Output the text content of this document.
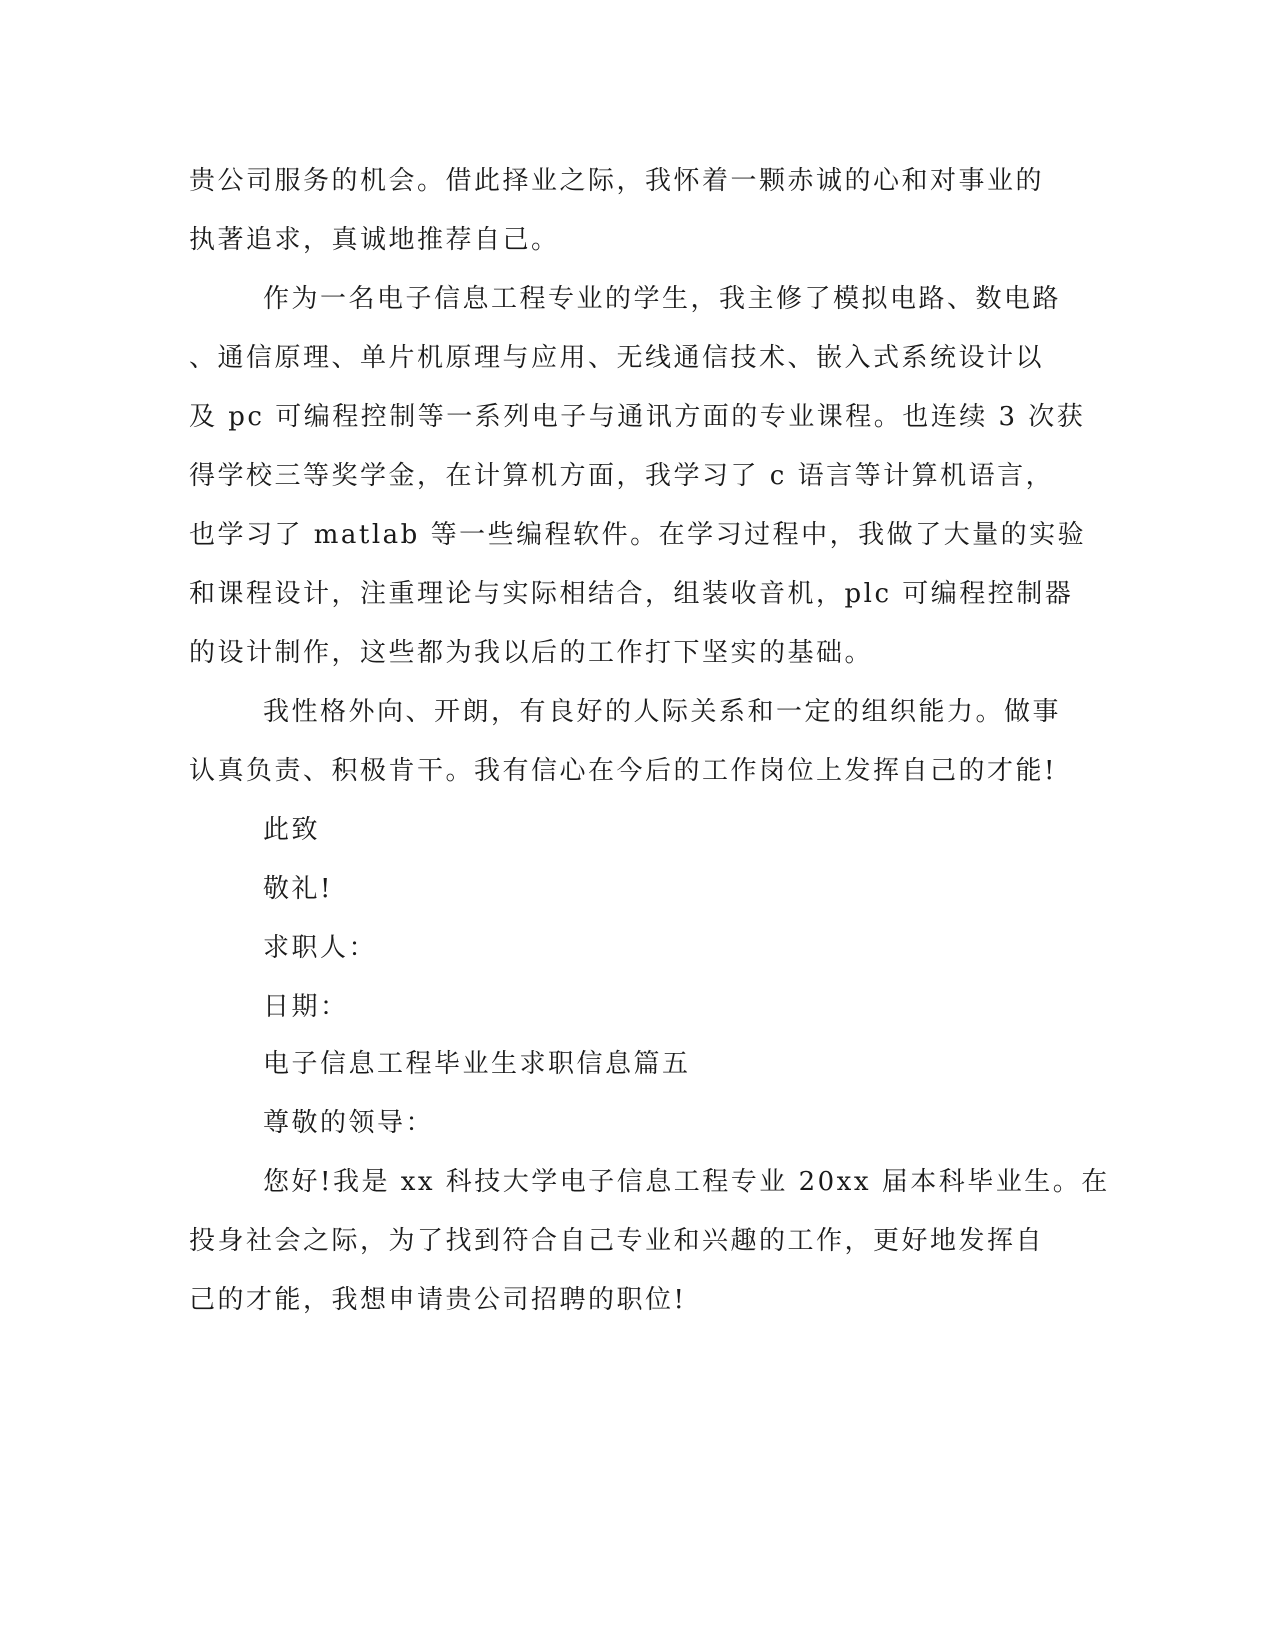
贵公司服务的机会。借此择业之际，我怀着一颗赤诚的心和对事业的
执著追求，真诚地推荐自己。
作为一名电子信息工程专业的学生，我主修了模拟电路、数电路
、通信原理、单片机原理与应用、无线通信技术、嵌入式系统设计以
及 pc 可编程控制等一系列电子与通讯方面的专业课程。也连续 3 次获
得学校三等奖学金，在计算机方面，我学习了 c 语言等计算机语言，
也学习了 matlab 等一些编程软件。在学习过程中，我做了大量的实验
和课程设计，注重理论与实际相结合，组装收音机，plc 可编程控制器
的设计制作，这些都为我以后的工作打下坚实的基础。
我性格外向、开朗，有良好的人际关系和一定的组织能力。做事
认真负责、积极肯干。我有信心在今后的工作岗位上发挥自己的才能!
此致
敬礼!
求职人：
日期：
电子信息工程毕业生求职信息篇五
尊敬的领导：
您好!我是 xx 科技大学电子信息工程专业 20xx 届本科毕业生。在
投身社会之际，为了找到符合自己专业和兴趣的工作，更好地发挥自
己的才能，我想申请贵公司招聘的职位!
